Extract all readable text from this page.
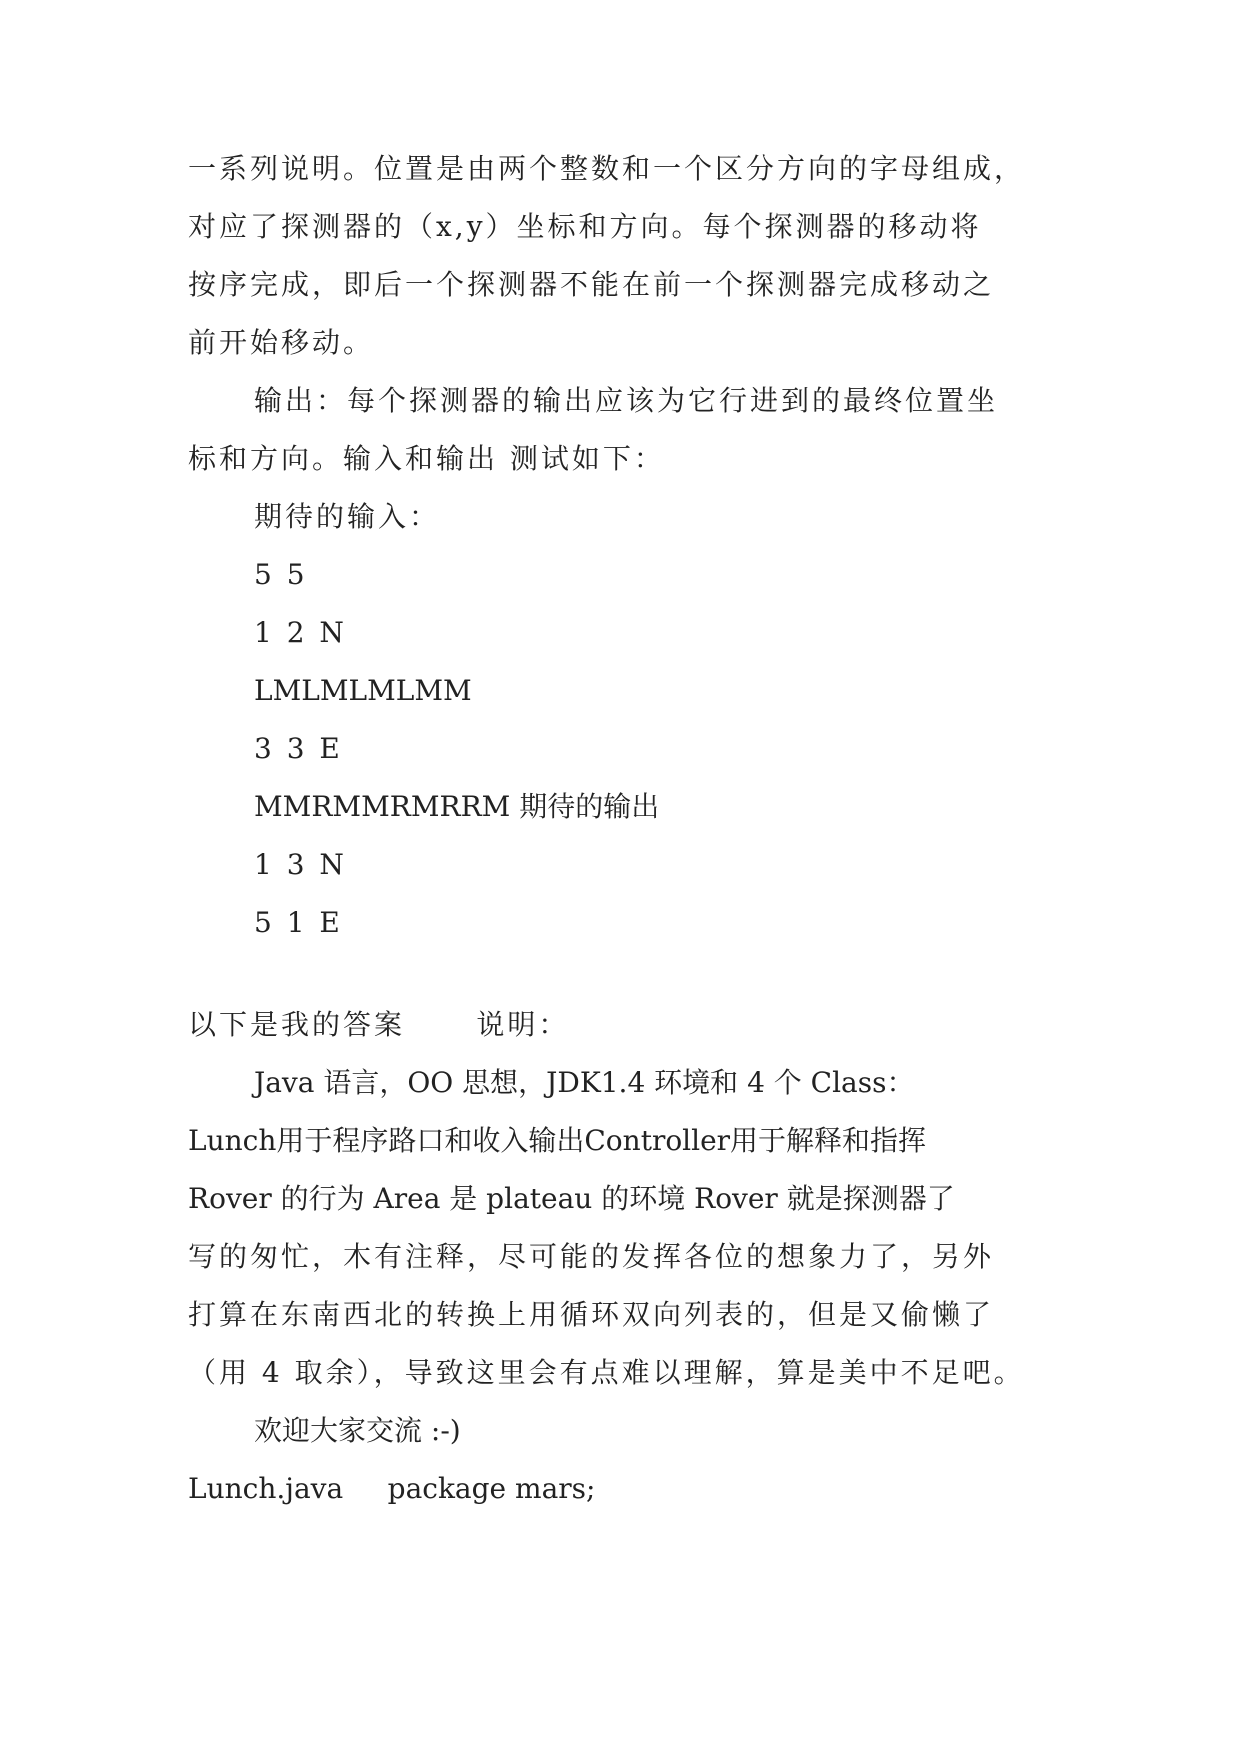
一系列说明。位置是由两个整数和一个区分方向的字母组成，
对应了探测器的（x,y）坐标和方向。每个探测器的移动将
按序完成，即后一个探测器不能在前一个探测器完成移动之
前开始移动。
输出：每个探测器的输出应该为它行进到的最终位置坐
标和方向。输入和输出 测试如下：
期待的输入：
5 5
1 2 N
LMLMLMLMM
3 3 E
MMRMMRMRRM 期待的输出
1 3 N
5 1 E
以下是我的答案      说明：
Java 语言，OO 思想，JDK1.4 环境和 4 个 Class：
Lunch用于程序路口和收入输出Controller用于解释和指挥
Rover 的行为 Area 是 plateau 的环境 Rover 就是探测器了
写的匆忙，木有注释，尽可能的发挥各位的想象力了，另外
打算在东南西北的转换上用循环双向列表的，但是又偷懒了
（用 4 取余），导致这里会有点难以理解，算是美中不足吧。
欢迎大家交流 :-)
Lunch.java     package mars;
